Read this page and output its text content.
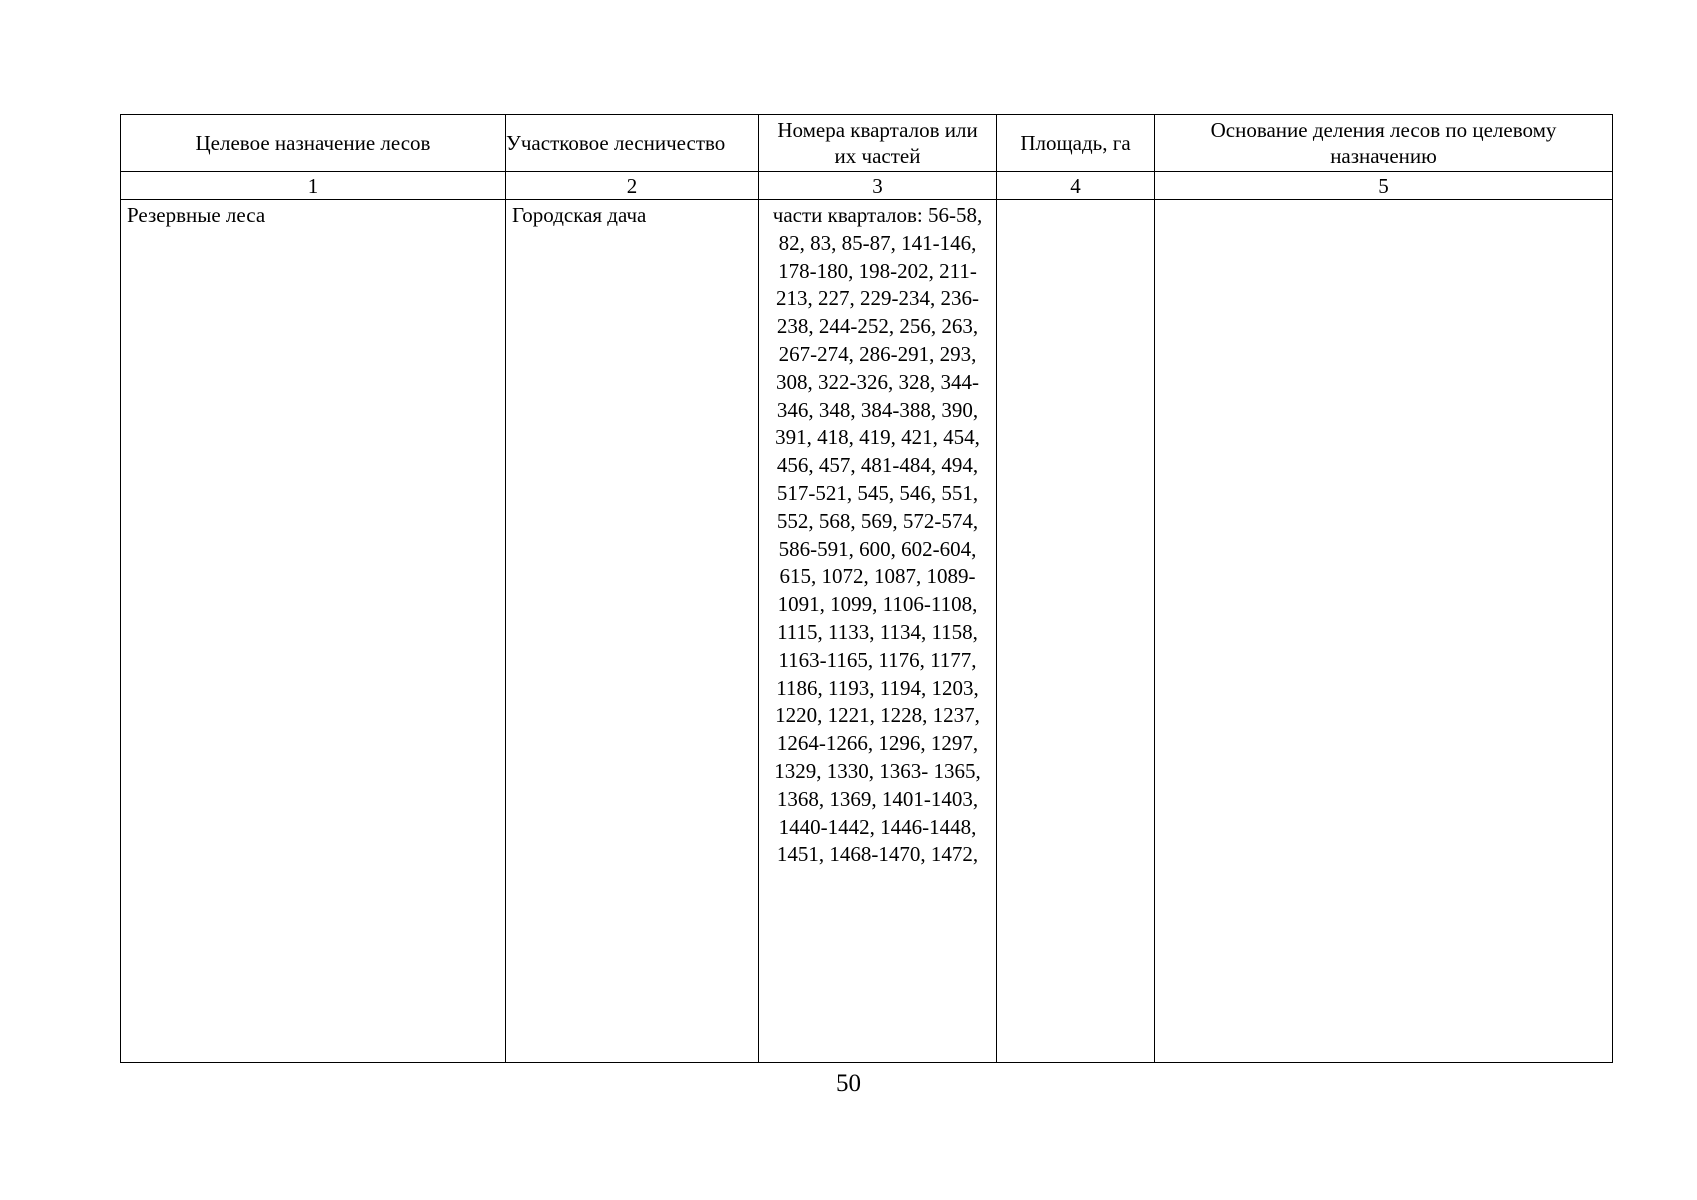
Целевое назначение лесов	Участковое лесничество	Номера кварталов или их частей	Площадь, га	Основание деления лесов по целевому назначению
1	2	3	4	5
Резервные леса	Городская дача	части кварталов: 56-58, 82, 83, 85-87, 141-146, 178-180, 198-202, 211-213, 227, 229-234, 236-238, 244-252, 256, 263, 267-274, 286-291, 293, 308, 322-326, 328, 344-346, 348, 384-388, 390, 391, 418, 419, 421, 454, 456, 457, 481-484, 494, 517-521, 545, 546, 551, 552, 568, 569, 572-574, 586-591, 600, 602-604, 615, 1072, 1087, 1089-1091, 1099, 1106-1108, 1115, 1133, 1134, 1158, 1163-1165, 1176, 1177, 1186, 1193, 1194, 1203, 1220, 1221, 1228, 1237, 1264-1266, 1296, 1297, 1329, 1330, 1363- 1365, 1368, 1369, 1401-1403, 1440-1442, 1446-1448, 1451, 1468-1470, 1472,		
50
